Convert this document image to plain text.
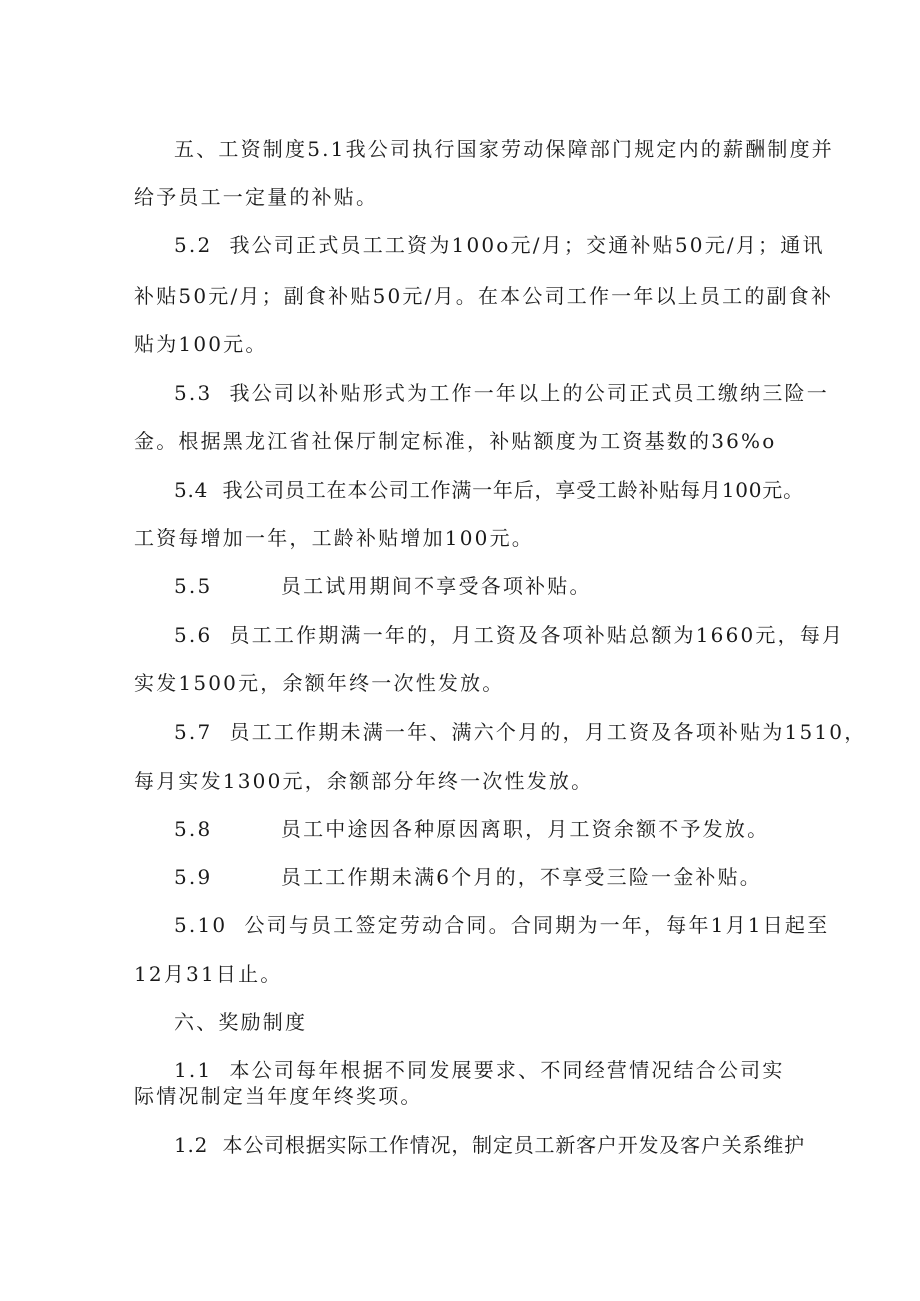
五、工资制度5.1我公司执行国家劳动保障部门规定内的薪酬制度并
给予员工一定量的补贴。
5.2  我公司正式员工工资为100o元/月；交通补贴50元/月；通讯
补贴50元/月；副食补贴50元/月。在本公司工作一年以上员工的副食补
贴为100元。
5.3  我公司以补贴形式为工作一年以上的公司正式员工缴纳三险一
金。根据黑龙江省社保厅制定标准，补贴额度为工资基数的36%o
5.4  我公司员工在本公司工作满一年后，享受工龄补贴每月100元。
工资每增加一年，工龄补贴增加100元。
5.5        员工试用期间不享受各项补贴。
5.6  员工工作期满一年的，月工资及各项补贴总额为1660元，每月
实发1500元，余额年终一次性发放。
5.7  员工工作期未满一年、满六个月的，月工资及各项补贴为1510，
每月实发1300元，余额部分年终一次性发放。
5.8        员工中途因各种原因离职，月工资余额不予发放。
5.9        员工工作期未满6个月的，不享受三险一金补贴。
5.10  公司与员工签定劳动合同。合同期为一年，每年1月1日起至
12月31日止。
六、奖励制度
1.1  本公司每年根据不同发展要求、不同经营情况结合公司实
际情况制定当年度年终奖项。
1.2  本公司根据实际工作情况，制定员工新客户开发及客户关系维护
